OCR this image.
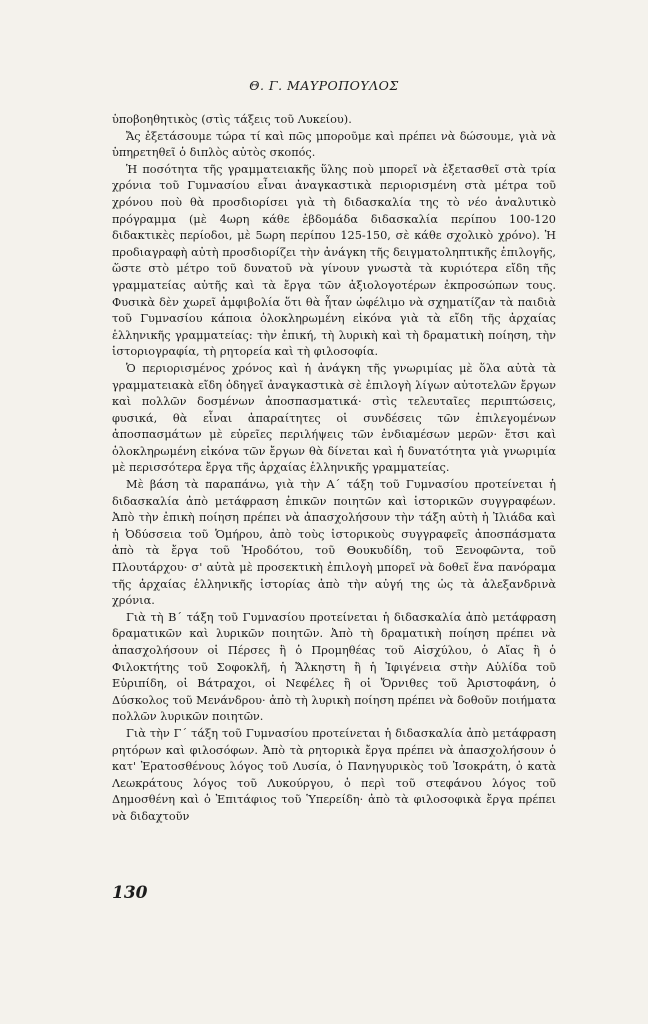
Θ. Γ. ΜΑΥΡΟΠΟΥΛΟΣ

ὑποβοηθητικὸς (στὶς τάξεις τοῦ Λυκείου).

Ἄς ἐξετάσουμε τώρα τί καὶ πῶς μποροῦμε καὶ πρέπει νὰ δώσουμε, γιὰ νὰ ὑπηρετηθεῖ ὁ διπλὸς αὐτὸς σκοπός.

Ἡ ποσότητα τῆς γραμματειακῆς ὕλης ποὺ μπορεῖ νὰ ἐξετασθεῖ στὰ τρία χρόνια τοῦ Γυμνασίου εἶναι ἀναγκαστικὰ περιορισμένη στὰ μέτρα τοῦ χρόνου ποὺ θὰ προσδιορίσει γιὰ τὴ διδασκαλία της τὸ νέο ἀναλυτικὸ πρόγραμμα (μὲ 4ωρη κάθε ἑβδομάδα διδασκαλία περίπου 100-120 διδακτικὲς περίοδοι, μὲ 5ωρη περίπου 125-150, σὲ κάθε σχολικὸ χρόνο). Ἡ προδιαγραφὴ αὐτὴ προσδιορίζει τὴν ἀνάγκη τῆς δειγματοληπτικῆς ἐπιλογῆς, ὥστε στὸ μέτρο τοῦ δυνατοῦ νὰ γίνουν γνωστὰ τὰ κυριότερα εἴδη τῆς γραμματείας αὐτῆς καὶ τὰ ἔργα τῶν ἀξιολογοτέρων ἐκπροσώπων τους. Φυσικὰ δὲν χωρεῖ ἀμφιβολία ὅτι θὰ ἦταν ὠφέλιμο νὰ σχηματίζαν τὰ παιδιὰ τοῦ Γυμνασίου κάποια ὁλοκληρωμένη εἰκόνα γιὰ τὰ εἴδη τῆς ἀρχαίας ἑλληνικῆς γραμματείας: τὴν ἐπική, τὴ λυρικὴ καὶ τὴ δραματικὴ ποίηση, τὴν ἱστοριογραφία, τὴ ρητορεία καὶ τὴ φιλοσοφία.

Ὁ περιορισμένος χρόνος καὶ ἡ ἀνάγκη τῆς γνωριμίας μὲ ὅλα αὐτὰ τὰ γραμματειακὰ εἴδη ὁδηγεῖ ἀναγκαστικὰ σὲ ἐπιλογὴ λίγων αὐτοτελῶν ἔργων καὶ πολλῶν δοσμένων ἀποσπασματικά· στὶς τελευταῖες περιπτώσεις, φυσικά, θὰ εἶναι ἀπαραίτητες οἱ συνδέσεις τῶν ἐπιλεγομένων ἀποσπασμάτων μὲ εὐρεῖες περιλήψεις τῶν ἐνδιαμέσων μερῶν· ἔτσι καὶ ὁλοκληρωμένη εἰκόνα τῶν ἔργων θὰ δίνεται καὶ ἡ δυνατότητα γιὰ γνωριμία μὲ περισσότερα ἔργα τῆς ἀρχαίας ἑλληνικῆς γραμματείας.

Μὲ βάση τὰ παραπάνω, γιὰ τὴν Α΄ τάξη τοῦ Γυμνασίου προτείνεται ἡ διδασκαλία ἀπὸ μετάφραση ἐπικῶν ποιητῶν καὶ ἱστορικῶν συγγραφέων. Ἀπὸ τὴν ἐπικὴ ποίηση πρέπει νὰ ἀπασχολήσουν τὴν τάξη αὐτὴ ἡ Ἰλιάδα καὶ ἡ Ὀδύσσεια τοῦ Ὁμήρου, ἀπὸ τοὺς ἱστορικοὺς συγγραφεῖς ἀποσπάσματα ἀπὸ τὰ ἔργα τοῦ Ἡροδότου, τοῦ Θουκυδίδη, τοῦ Ξενοφῶντα, τοῦ Πλουτάρχου· σ' αὐτὰ μὲ προσεκτικὴ ἐπιλογὴ μπορεῖ νὰ δοθεῖ ἕνα πανόραμα τῆς ἀρχαίας ἑλληνικῆς ἱστορίας ἀπὸ τὴν αὐγή της ὡς τὰ ἀλεξανδρινὰ χρόνια.

Γιὰ τὴ Β΄ τάξη τοῦ Γυμνασίου προτείνεται ἡ διδασκαλία ἀπὸ μετάφραση δραματικῶν καὶ λυρικῶν ποιητῶν. Ἀπὸ τὴ δραματικὴ ποίηση πρέπει νὰ ἀπασχολήσουν οἱ Πέρσες ἢ ὁ Προμηθέας τοῦ Αἰσχύλου, ὁ Αἴας ἢ ὁ Φιλοκτήτης τοῦ Σοφοκλῆ, ἡ Ἄλκηστη ἢ ἡ Ἰφιγένεια στὴν Αὐλίδα τοῦ Εὐριπίδη, οἱ Βάτραχοι, οἱ Νεφέλες ἢ οἱ Ὄρνιθες τοῦ Ἀριστοφάνη, ὁ Δύσκολος τοῦ Μενάνδρου· ἀπὸ τὴ λυρικὴ ποίηση πρέπει νὰ δοθοῦν ποιήματα πολλῶν λυρικῶν ποιητῶν.

Γιὰ τὴν Γ΄ τάξη τοῦ Γυμνασίου προτείνεται ἡ διδασκαλία ἀπὸ μετάφραση ρητόρων καὶ φιλοσόφων. Ἀπὸ τὰ ρητορικὰ ἔργα πρέπει νὰ ἀπασχολήσουν ὁ κατ' Ἐρατοσθένους λόγος τοῦ Λυσία, ὁ Πανηγυρικὸς τοῦ Ἰσοκράτη, ὁ κατὰ Λεωκράτους λόγος τοῦ Λυκούργου, ὁ περὶ τοῦ στεφάνου λόγος τοῦ Δημοσθένη καὶ ὁ Ἐπιτάφιος τοῦ Ὑπερείδη· ἀπὸ τὰ φιλοσοφικὰ ἔργα πρέπει νὰ διδαχτοῦν

130
